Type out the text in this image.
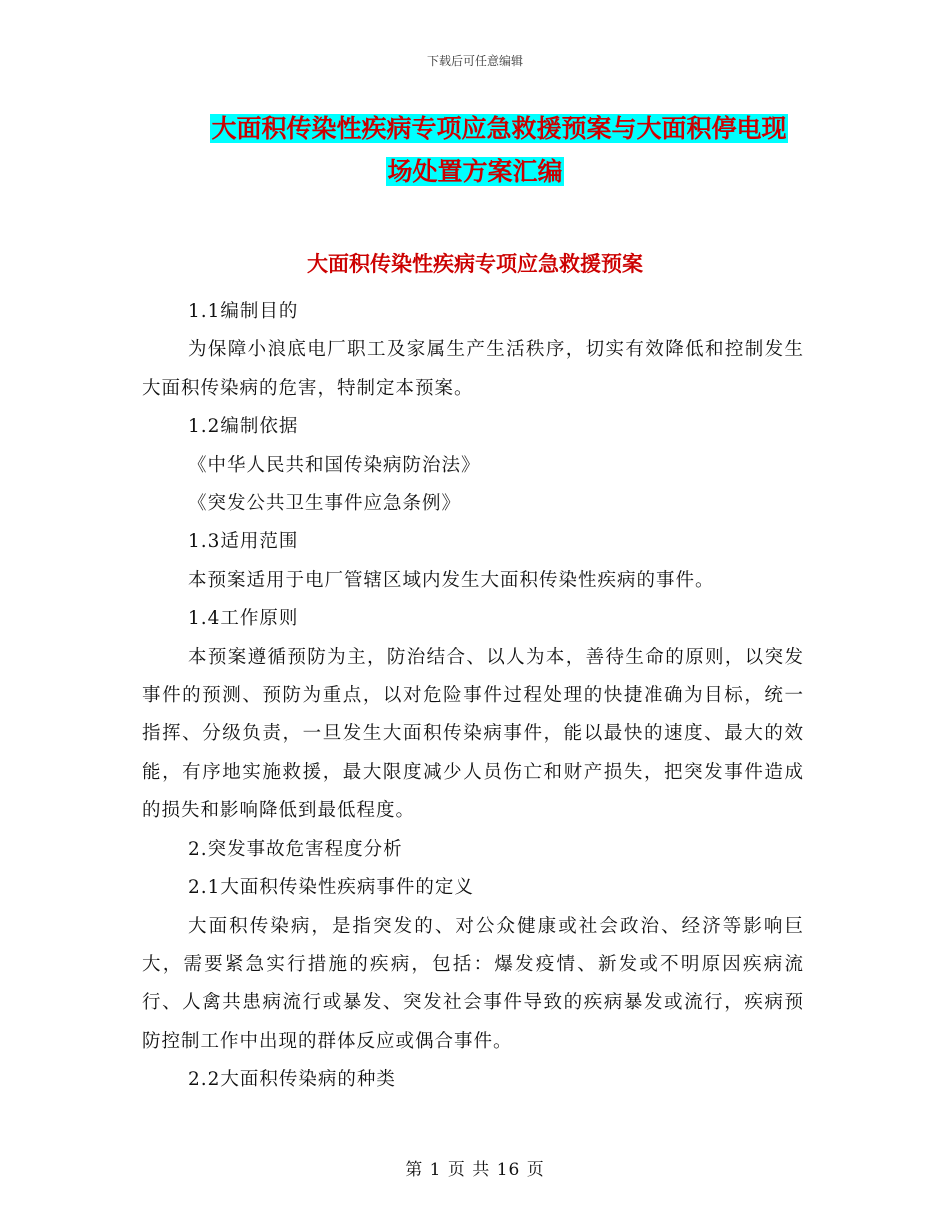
下载后可任意编辑
大面积传染性疾病专项应急救援预案与大面积停电现
场处置方案汇编
大面积传染性疾病专项应急救援预案

1.1编制目的

为保障小浪底电厂职工及家属生产生活秩序，切实有效降低和控制发生大面积传染病的危害，特制定本预案。

1.2编制依据

《中华人民共和国传染病防治法》

《突发公共卫生事件应急条例》

1.3适用范围

本预案适用于电厂管辖区域内发生大面积传染性疾病的事件。

1.4工作原则

本预案遵循预防为主，防治结合、以人为本，善待生命的原则，以突发事件的预测、预防为重点，以对危险事件过程处理的快捷准确为目标，统一指挥、分级负责，一旦发生大面积传染病事件，能以最快的速度、最大的效能，有序地实施救援，最大限度减少人员伤亡和财产损失，把突发事件造成的损失和影响降低到最低程度。

2.突发事故危害程度分析

2.1大面积传染性疾病事件的定义

大面积传染病，是指突发的、对公众健康或社会政治、经济等影响巨大，需要紧急实行措施的疾病，包括：爆发疫情、新发或不明原因疾病流行、人禽共患病流行或暴发、突发社会事件导致的疾病暴发或流行，疾病预防控制工作中出现的群体反应或偶合事件。

2.2大面积传染病的种类

第 1 页 共 16 页
